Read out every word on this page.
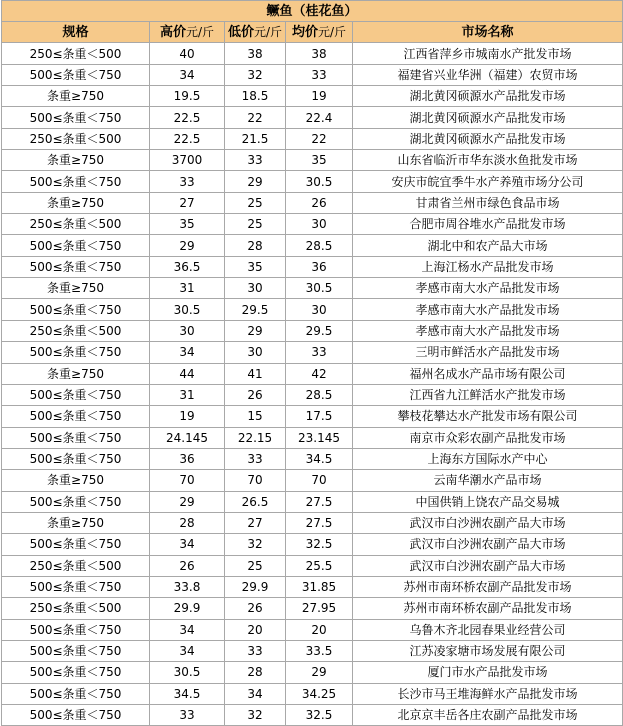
鳜鱼（桂花鱼）				
规格	高价元/斤	低价元/斤	均价元/斤	市场名称
250≤条重＜500	40	38	38	江西省萍乡市城南水产批发市场
500≤条重＜750	34	32	33	福建省兴业华洲（福建）农贸市场
条重≥750	19.5	18.5	19	湖北黄冈硕源水产品批发市场
500≤条重＜750	22.5	22	22.4	湖北黄冈硕源水产品批发市场
250≤条重＜500	22.5	21.5	22	湖北黄冈硕源水产品批发市场
条重≥750	3700	33	35	山东省临沂市华东淡水鱼批发市场
500≤条重＜750	33	29	30.5	安庆市皖宜季牛水产养殖市场分公司
条重≥750	27	25	26	甘肃省兰州市绿色食品市场
250≤条重＜500	35	25	30	合肥市周谷堆水产品批发市场
500≤条重＜750	29	28	28.5	湖北中和农产品大市场
500≤条重＜750	36.5	35	36	上海江杨水产品批发市场
条重≥750	31	30	30.5	孝感市南大水产品批发市场
500≤条重＜750	30.5	29.5	30	孝感市南大水产品批发市场
250≤条重＜500	30	29	29.5	孝感市南大水产品批发市场
500≤条重＜750	34	30	33	三明市鲜活水产品批发市场
条重≥750	44	41	42	福州名成水产品市场有限公司
500≤条重＜750	31	26	28.5	江西省九江鲜活水产批发市场
500≤条重＜750	19	15	17.5	攀枝花攀达水产批发市场有限公司
500≤条重＜750	24.145	22.15	23.145	南京市众彩农副产品批发市场
500≤条重＜750	36	33	34.5	上海东方国际水产中心
条重≥750	70	70	70	云南华潮水产品市场
500≤条重＜750	29	26.5	27.5	中国供销上饶农产品交易城
条重≥750	28	27	27.5	武汉市白沙洲农副产品大市场
500≤条重＜750	34	32	32.5	武汉市白沙洲农副产品大市场
250≤条重＜500	26	25	25.5	武汉市白沙洲农副产品大市场
500≤条重＜750	33.8	29.9	31.85	苏州市南环桥农副产品批发市场
250≤条重＜500	29.9	26	27.95	苏州市南环桥农副产品批发市场
500≤条重＜750	34	20	20	乌鲁木齐北园春果业经营公司
500≤条重＜750	34	33	33.5	江苏凌家塘市场发展有限公司
500≤条重＜750	30.5	28	29	厦门市水产品批发市场
500≤条重＜750	34.5	34	34.25	长沙市马王堆海鲜水产品批发市场
500≤条重＜750	33	32	32.5	北京京丰岳各庄农副产品批发市场
